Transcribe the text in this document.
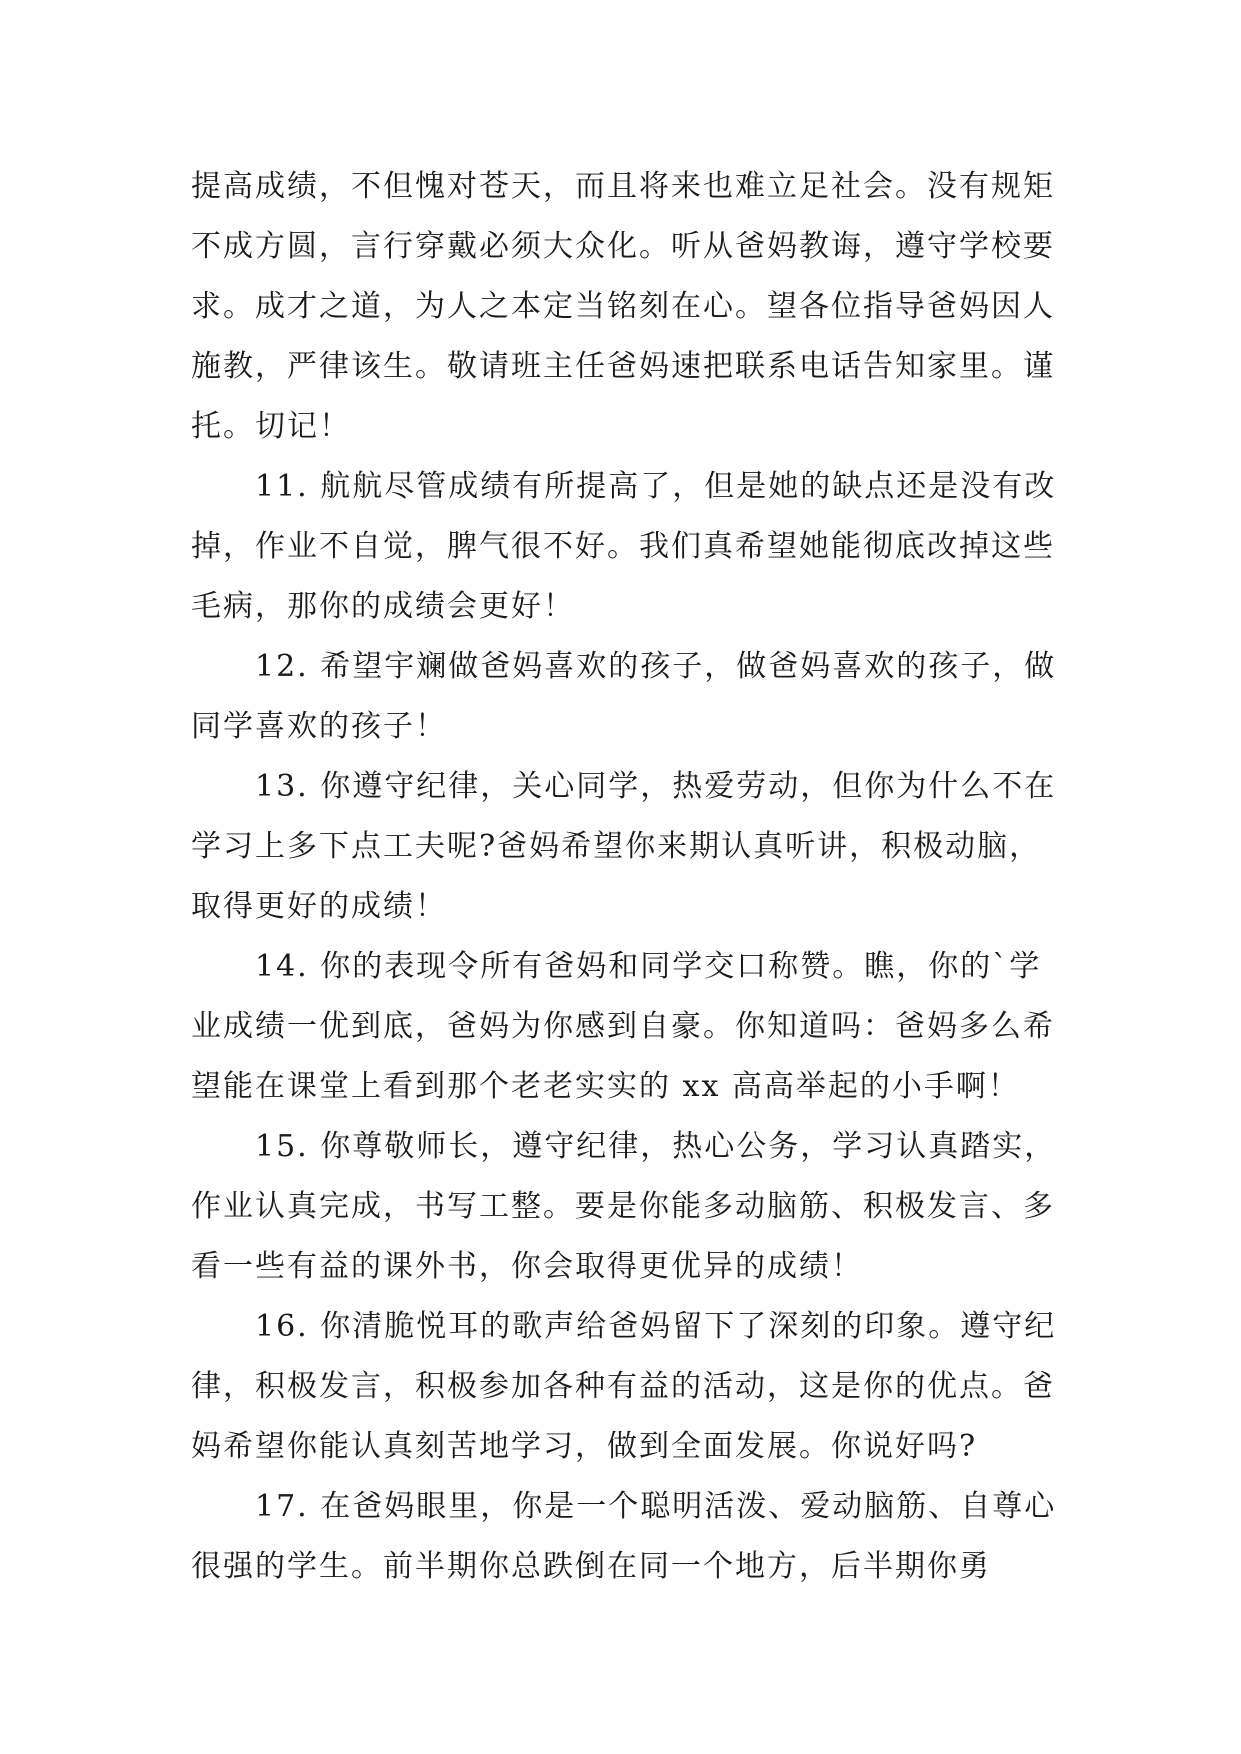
提高成绩，不但愧对苍天，而且将来也难立足社会。没有规矩不成方圆，言行穿戴必须大众化。听从爸妈教诲，遵守学校要求。成才之道，为人之本定当铭刻在心。望各位指导爸妈因人施教，严律该生。敬请班主任爸妈速把联系电话告知家里。谨托。切记！

11. 航航尽管成绩有所提高了，但是她的缺点还是没有改掉，作业不自觉，脾气很不好。我们真希望她能彻底改掉这些毛病，那你的成绩会更好！

12. 希望宇斓做爸妈喜欢的孩子，做爸妈喜欢的孩子，做同学喜欢的孩子！

13. 你遵守纪律，关心同学，热爱劳动，但你为什么不在学习上多下点工夫呢?爸妈希望你来期认真听讲，积极动脑，取得更好的成绩！

14. 你的表现令所有爸妈和同学交口称赞。瞧，你的`学业成绩一优到底，爸妈为你感到自豪。你知道吗：爸妈多么希望能在课堂上看到那个老老实实的 xx 高高举起的小手啊！

15. 你尊敬师长，遵守纪律，热心公务，学习认真踏实，作业认真完成，书写工整。要是你能多动脑筋、积极发言、多看一些有益的课外书，你会取得更优异的成绩！

16. 你清脆悦耳的歌声给爸妈留下了深刻的印象。遵守纪律，积极发言，积极参加各种有益的活动，这是你的优点。爸妈希望你能认真刻苦地学习，做到全面发展。你说好吗?

17. 在爸妈眼里，你是一个聪明活泼、爱动脑筋、自尊心很强的学生。前半期你总跌倒在同一个地方，后半期你勇
